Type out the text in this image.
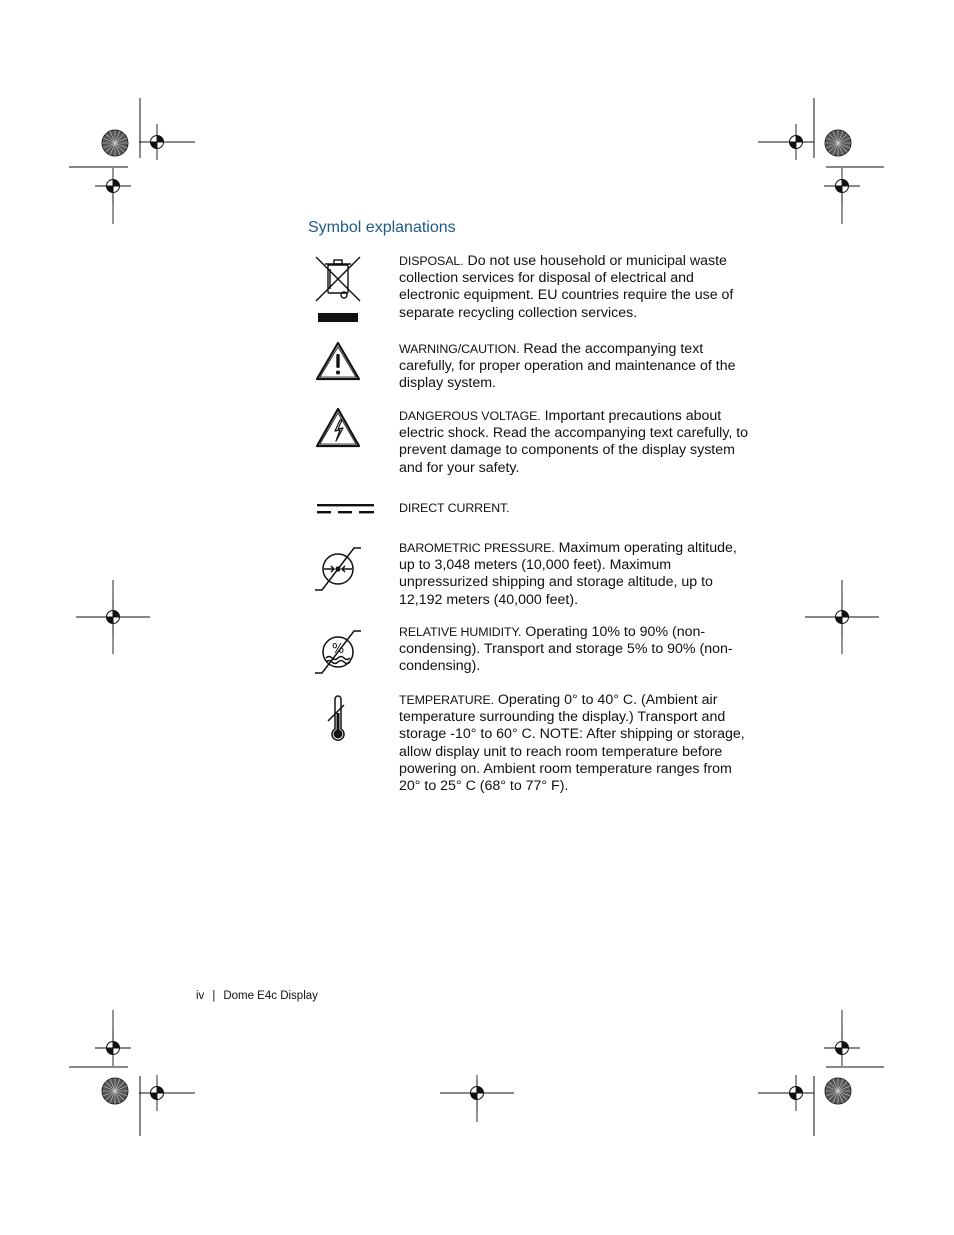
Symbol explanations
%
DISPOSAL. Do not use household or municipal waste collection services for disposal of electrical and electronic equipment. EU countries require the use of separate recycling collection services.
WARNING/CAUTION. Read the accompanying text carefully, for proper operation and maintenance of the display system.
DANGEROUS VOLTAGE. Important precautions about electric shock. Read the accompanying text carefully, to prevent damage to components of the display system and for your safety.
DIRECT CURRENT.
BAROMETRIC PRESSURE. Maximum operating altitude, up to 3,048 meters (10,000 feet). Maximum unpressurized shipping and storage altitude, up to 12,192 meters (40,000 feet).
RELATIVE HUMIDITY. Operating 10% to 90% (non-condensing). Transport and storage 5% to 90% (non-condensing).
TEMPERATURE. Operating 0° to 40° C. (Ambient air temperature surrounding the display.) Transport and storage -10° to 60° C. NOTE: After shipping or storage, allow display unit to reach room temperature before powering on. Ambient room temperature ranges from 20° to 25° C (68° to 77° F).
iv | Dome E4c Display
